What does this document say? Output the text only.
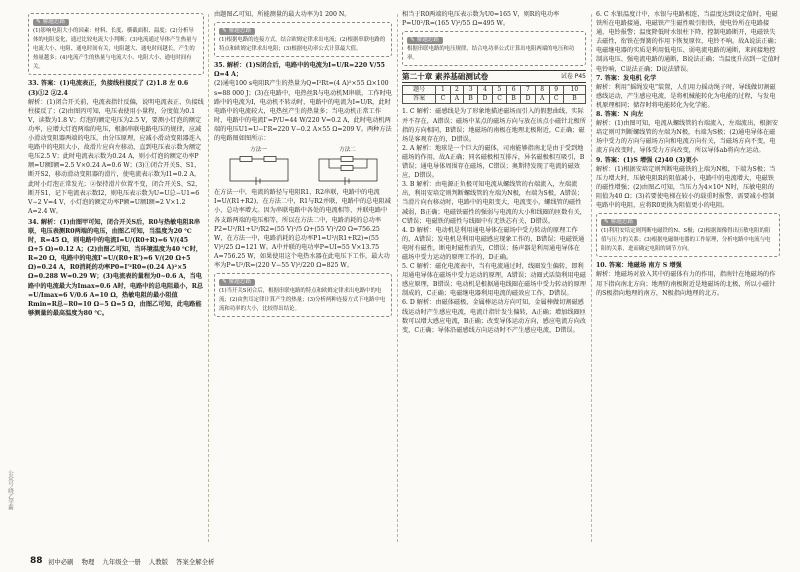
✎ 解题思路

(1)影响电阻大小的因素：材料、长度、横截面积、温度；(2)分析导体的电阻变化，通过比较电流大小判断；(3)电流通过导体产生热量与电流大小、电阻、通电时间有关，电阻越大、通电时间越长，产生的热量越多；(4)电流产生的热量与电流大小、电阻大小、通电时间有关。

33. 答案：(1)电流表正，负接线柱接反了 (2)1.8 左 0.6 (3)①2 ②2.4

解析：(1)闭合开关前，电流表指针反偏，说明电流表正、负接线柱接反了；(2)由图丙可知，电压表使用小量程，分度值为0.1 V，读数为1.8 V；灯泡的额定电压为2.5 V，要测小灯泡的额定功率，应增大灯泡两端的电压，根据串联电路电压的规律，应减小滑动变阻器两端的电压，由分压原理，应减小滑动变阻器连入电路中的电阻大小，故滑片应向左移动，直到电压表示数为额定电压2.5 V；此时电流表示数为0.24 A，则小灯泡的额定功率P额=U额I额=2.5 V×0.24 A=0.6 W；(3)①闭合开关S、S1，断开S2，移动滑动变阻器的滑片，使电流表示数为I1=0.2 A，此时小灯泡正常发光；②保持滑片位置不变，闭合开关S、S2，断开S1，记下电流表示数I2，则电压表示数为U=U总−U1=6 V−2 V=4 V，小灯泡的额定功率P额=U额I额=2 V×1.2 A=2.4 W。

34. 解析：(1)由图甲可知，闭合开关S后，R0与热敏电阻R串联，电压表测R0两端的电压，由图乙可知，当温度为20 ℃时，R=45 Ω，则电路中的电流I=U/(R0+R)=6 V/(45 Ω+5 Ω)=0.12 A；(2)由图乙可知，当环境温度为40 ℃时，R=20 Ω，电路中的电流I'=U/(R0+R')=6 V/(20 Ω+5 Ω)=0.24 A，R0消耗的功率P0=I'²R0=(0.24 A)²×5 Ω=0.288 W≈0.29 W；(3)电流表的量程为0~0.6 A，当电路中的电流最大为Imax=0.6 A时，电路中的总电阻最小，R总=U/Imax=6 V/0.6 A=10 Ω，热敏电阻的最小阻值Rmin=R总−R0=10 Ω−5 Ω=5 Ω，由图乙可知，此电路能够测量的最高温度为80 ℃。

由题图乙可知，所能测量的最大功率为1 200 N。

✎ 解题思路

(1)根据电路的连接方式，结合欧姆定律求出电流；(2)根据串联电路的特点和欧姆定律求出电阻；(3)根据电功率公式计算最大值。

35. 解析：(1)S闭合后，电路中的电流为I=U/R=220 V/55 Ω=4 A；

(2)通电100 s电阻R产生的热量为Q=I²Rt=(4 A)²×55 Ω×100 s=88 000 J；(3)在电路中，电热丝R与电动机M串联，工作时电路中的电流为I，电动机不转动时，电路中的电流为I=U/R，此时电路中的电流较大，电热丝产生的热量多；当电动机正常工作时，电路中的电流I'=P/U=44 W/220 V=0.2 A，此时电动机两端的电压U1=U−I'R=220 V−0.2 A×55 Ω=209 V。两种方法的电路图如图所示：

方法一	方法二

在方法一中，电流的路径与电阻R1、R2串联，电路中的电流I=U/(R1+R2)，在方法二中，R1与R2并联，电路中的总电阻减小，总功率增大。因为串联电路中各处的电流相等，并联电路中各支路两端的电压相等，所以在方法二中，电路消耗的总功率P2=U²/R1+U²/R2=(55 V)²/5 Ω+(55 V)²/20 Ω=756.25 W，在方法一中，电路消耗的总功率P1=U²/(R1+R2)=(55 V)²/25 Ω=121 W。A中并联的电功率P=UI=55 V×13.75 A=756.25 W，如果使用这个电热水器在此电压下工作，最大功率为P=U²/R=(220 V−55 V)²/220 Ω=825 W。

✎ 解题思路

(1)当开关S闭合后，根据串联电路的特点和欧姆定律求出电路中的电流；(2)由焦耳定律计算产生的热量；(3)分析两种连接方式下电路中电流和功率的大小，比较得出结论。

相当于R0两端的电压表示数为U0=165 V，则R的电功率P=U0²/R=(165 V)²/55 Ω=495 W。

✎ 解题思路

根据串联电路的电压规律，结合电功率公式计算出电阻两端的电压和功率。

第二十章 素养基础测试卷	试卷 P45
题号	1	2	3	4	5	6	7	8	9	10
答案	C	A	B	D	C	B	D	A	C	B

1. C 解析：磁感线是为了形象地描述磁场而引入的假想曲线，实际并不存在，A错误；磁场中某点的磁场方向与放在该点小磁针北极所指的方向相同，B错误；地磁场的南极在地理北极附近，C正确；磁场是客观存在的，D错误。

2. A 解析：地球是一个巨大的磁体，司南能够指南北是由于受到地磁场的作用，故A正确；同名磁极相互排斥，异名磁极相互吸引，B错误；通电导体周围存在磁场，C错误；奥斯特发现了电流的磁效应，D错误。

3. B 解析：由电源正负极可知电流从螺线管的右端流入，左端流出，利用安培定则判断螺线管的左端为N极，右端为S极，A错误；当滑片向右移动时，电路中的电阻变大，电流变小，螺线管的磁性减弱，B正确；电磁铁磁性的强弱与电流的大小和线圈的匝数有关，C错误；电磁铁的磁性与线圈中有无铁芯有关，D错误。

4. D 解析：电动机是利用通电导体在磁场中受力转动的原理工作的，A错误；发电机是利用电磁感应现象工作的，B错误；电磁铁通电时有磁性，断电时磁性消失，C错误；扬声器是利用通电导体在磁场中受力运动的原理工作的，D正确。

5. C 解析：磁化电流表中，当有电流通过时，线圈发生偏转，即利用通电导体在磁场中受力运动的原理，A错误；动圈式话筒利用电磁感应原理，B错误；电动机是根据通电线圈在磁场中受力转动的原理制成的，C正确；电磁继电器利用电流的磁效应工作，D错误。

6. D 解析：由磁体磁极、金属棒运动方向可知，金属棒做切割磁感线运动时产生感应电流，电流计指针发生偏转，A正确；增加线圈匝数可以增大感应电流，B正确；改变导体运动方向，感应电流方向改变，C正确；导体沿磁感线方向运动时不产生感应电流，D错误。

6. C 水银温度计中，水银与电路相连，当温度达到设定值时，电磁铁所在电路接通，电磁铁产生磁性吸引衔铁，使电铃所在电路接通，电铃报警；温度降低时水银柱下降，控制电路断开，电磁铁失去磁性，衔铁在弹簧的作用下恢复原位，电铃不响。故A说法正确；电磁继电器的实质是利用低电压、弱电流电路的通断，来间接地控制高电压、强电流电路的通断，B说法正确；当温度升高到一定值时电铃响，C说法正确；D说法错误。

7. 答案：发电机 化学

解析：利用“摇绳发电”装置，人们用力摇动绳子时，导线做切割磁感线运动，产生感应电流，是将机械能转化为电能的过程，与发电机原理相同；储存时将电能转化为化学能。

8. 答案：N 向左

解析：(1)由图可知，电流从螺线管的右端流入，左端流出，根据安培定则可判断螺线管的左端为N极，右端为S极；(2)通电导体在磁场中受力的方向与磁场方向和电流方向有关，当磁场方向不变，电流方向改变时，导体受力方向改变，所以导体ab将向左运动。

9. 答案：(1)S 增强 (2)40 (3)更小

解析：(1)根据安培定则判断电磁铁的上端为N极，下端为S极；当压力增大时，压敏电阻R的阻值减小，电路中的电流增大，电磁铁的磁性增强；(2)由图乙可知，当压力为4×10⁴ N时，压敏电阻的阻值为40 Ω；(3)若要使电梯在较小的载重时报警，需要减小控制电路中的电阻，应将R0更换为阻值更小的电阻。

✎ 解题思路

(1)利用安培定则判断电磁铁的N、S极；(2)根据图像得出压敏电阻的阻值与压力的关系；(3)根据电磁继电器的工作原理，分析电路中电流与电阻的关系，进而确定电阻的调节方向。

10. 答案：地磁场 南方 S 增强

解析：地磁场对放入其中的磁体有力的作用，指南针在地磁场的作用下指向南北方向；地理的南极附近是地磁场的北极，所以小磁针的S极指向地理的南方，N极指向地理的北方。

公众号·晓乙学霸
88 初中必刷 物理 九年级全一册 人教版 答案全解全析
